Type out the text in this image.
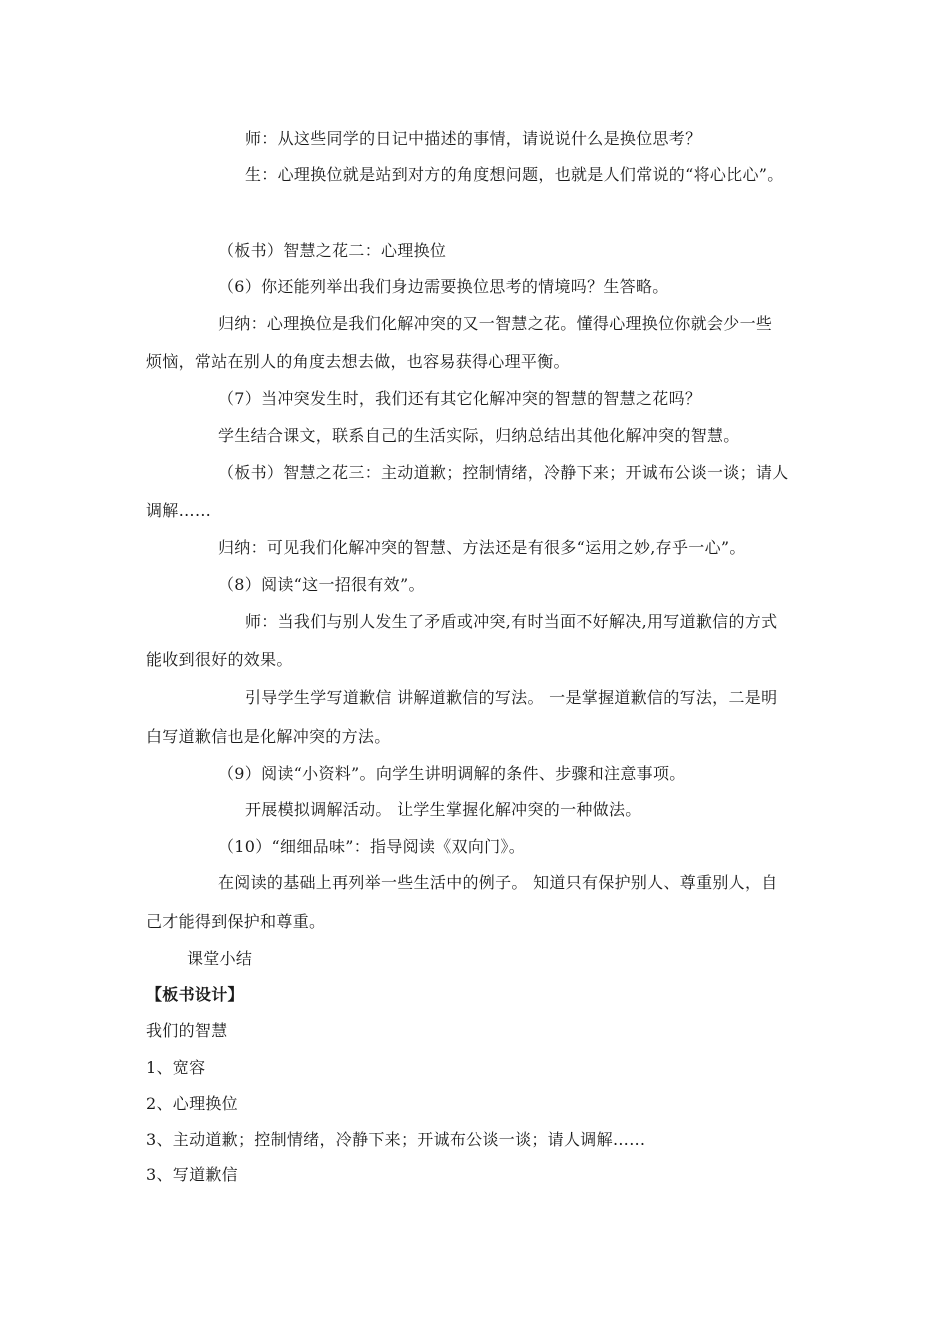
师：从这些同学的日记中描述的事情，请说说什么是换位思考？

生：心理换位就是站到对方的角度想问题，也就是人们常说的“将心比心”。

（板书）智慧之花二：心理换位

（6）你还能列举出我们身边需要换位思考的情境吗？生答略。

归纳：心理换位是我们化解冲突的又一智慧之花。懂得心理换位你就会少一些

烦恼，常站在别人的角度去想去做，也容易获得心理平衡。

（7）当冲突发生时，我们还有其它化解冲突的智慧的智慧之花吗？

学生结合课文，联系自己的生活实际，归纳总结出其他化解冲突的智慧。

（板书）智慧之花三：主动道歉；控制情绪，冷静下来；开诚布公谈一谈；请人

调解……

归纳：可见我们化解冲突的智慧、方法还是有很多“运用之妙,存乎一心”。

（8）阅读“这一招很有效”。

师：当我们与别人发生了矛盾或冲突,有时当面不好解决,用写道歉信的方式

能收到很好的效果。

引导学生学写道歉信 讲解道歉信的写法。 一是掌握道歉信的写法，二是明

白写道歉信也是化解冲突的方法。

（9）阅读“小资料”。向学生讲明调解的条件、步骤和注意事项。

开展模拟调解活动。 让学生掌握化解冲突的一种做法。

（10）“细细品味”：指导阅读《双向门》。

在阅读的基础上再列举一些生活中的例子。 知道只有保护别人、尊重别人，自

己才能得到保护和尊重。

课堂小结

【板书设计】

我们的智慧

1、宽容

2、心理换位

3、主动道歉；控制情绪，冷静下来；开诚布公谈一谈；请人调解……

3、写道歉信
